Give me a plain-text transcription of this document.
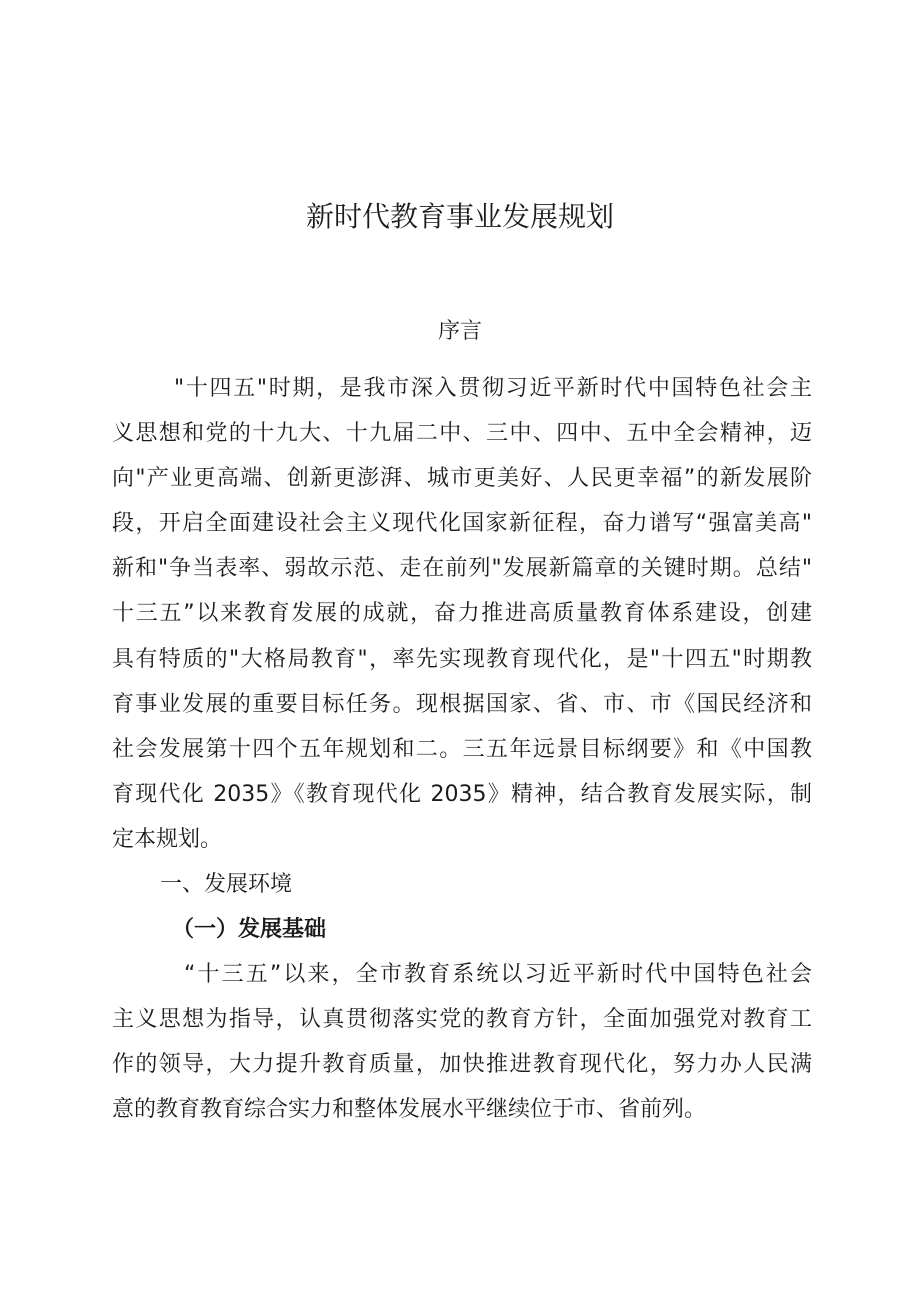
新时代教育事业发展规划
序言
"十四五"时期，是我市深入贯彻习近平新时代中国特色社会主
义思想和党的十九大、十九届二中、三中、四中、五中全会精神，迈
向"产业更高端、创新更澎湃、城市更美好、人民更幸福”的新发展阶
段，开启全面建设社会主义现代化国家新征程，奋力谱写“强富美高"
新和"争当表率、弱故示范、走在前列"发展新篇章的关键时期。总结"
十三五”以来教育发展的成就，奋力推进高质量教育体系建设，创建
具有特质的"大格局教育"，率先实现教育现代化，是"十四五"时期教
育事业发展的重要目标任务。现根据国家、省、市、市《国民经济和
社会发展第十四个五年规划和二。三五年远景目标纲要》和《中国教
育现代化 2035》《教育现代化 2035》精神，结合教育发展实际，制
定本规划。
一、发展环境
（一）发展基础
“十三五”以来，全市教育系统以习近平新时代中国特色社会
主义思想为指导，认真贯彻落实党的教育方针，全面加强党对教育工
作的领导，大力提升教育质量，加快推进教育现代化，努力办人民满
意的教育教育综合实力和整体发展水平继续位于市、省前列。
